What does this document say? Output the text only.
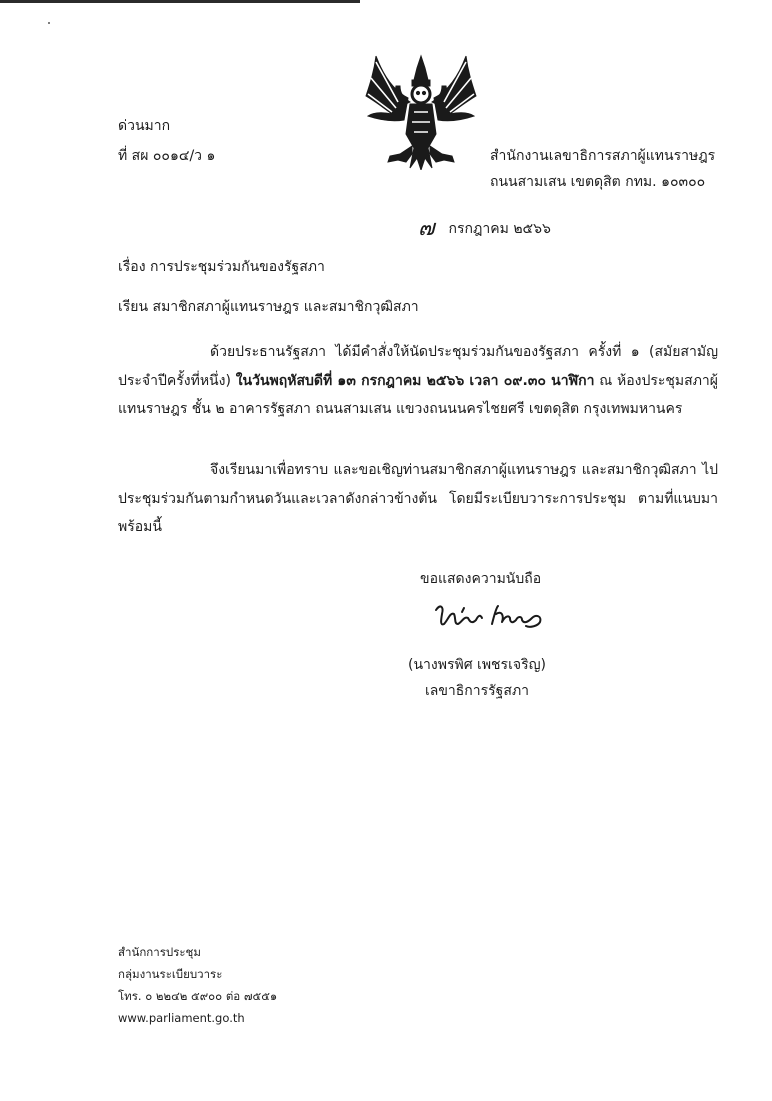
ด่วนมาก
ที่ สผ ๐๐๑๔/ว ๑	สำนักงานเลขาธิการสภาผู้แทนราษฎร
ถนนสามเสน เขตดุสิต กทม. ๑๐๓๐๐
๗ กรกฎาคม ๒๕๖๖
เรื่อง การประชุมร่วมกันของรัฐสภา
เรียน สมาชิกสภาผู้แทนราษฎร และสมาชิกวุฒิสภา
ด้วยประธานรัฐสภา ได้มีคำสั่งให้นัดประชุมร่วมกันของรัฐสภา ครั้งที่ ๑ (สมัยสามัญประจำปีครั้งที่หนึ่ง) ในวันพฤหัสบดีที่ ๑๓ กรกฎาคม ๒๕๖๖ เวลา ๐๙.๓๐ นาฬิกา ณ ห้องประชุมสภาผู้แทนราษฎร ชั้น ๒ อาคารรัฐสภา ถนนสามเสน แขวงถนนนครไชยศรี เขตดุสิต กรุงเทพมหานคร
จึงเรียนมาเพื่อทราบ และขอเชิญท่านสมาชิกสภาผู้แทนราษฎร และสมาชิกวุฒิสภา ไปประชุมร่วมกันตามกำหนดวันและเวลาดังกล่าวข้างต้น โดยมีระเบียบวาระการประชุม ตามที่แนบมาพร้อมนี้
ขอแสดงความนับถือ
(นางพรพิศ เพชรเจริญ)
เลขาธิการรัฐสภา
สำนักการประชุม
กลุ่มงานระเบียบวาระ
โทร. ๐ ๒๒๔๒ ๕๙๐๐ ต่อ ๗๕๕๑
www.parliament.go.th
